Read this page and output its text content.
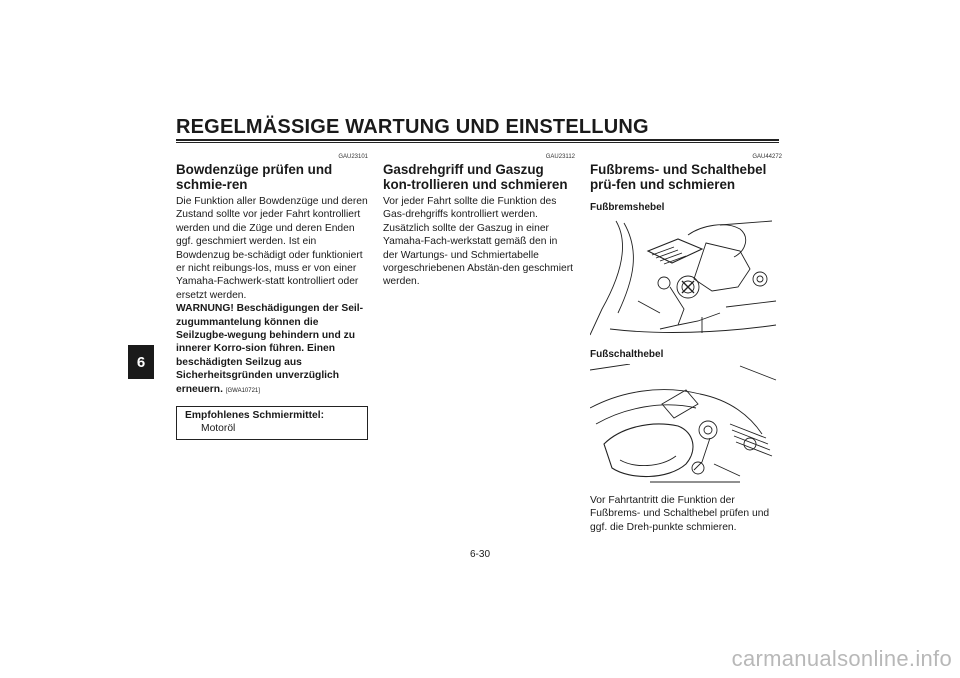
REGELMÄSSIGE WARTUNG UND EINSTELLUNG
6
GAU23101
Bowdenzüge prüfen und schmie-ren

Die Funktion aller Bowdenzüge und deren Zustand sollte vor jeder Fahrt kontrolliert werden und die Züge und deren Enden ggf. geschmiert werden. Ist ein Bowdenzug be-schädigt oder funktioniert er nicht reibungs-los, muss er von einer Yamaha-Fachwerk-statt kontrolliert oder ersetzt werden.

WARNUNG! Beschädigungen der Seil-zugummantelung können die Seilzugbe-wegung behindern und zu innerer Korro-sion führen. Einen beschädigten Seilzug aus Sicherheitsgründen unverzüglich erneuern. [GWA10721]

Empfohlenes Schmiermittel:
Motoröl
GAU23112
Gasdrehgriff und Gaszug kon-trollieren und schmieren
Vor jeder Fahrt sollte die Funktion des Gas-drehgriffs kontrolliert werden. Zusätzlich sollte der Gaszug in einer Yamaha-Fach-werkstatt gemäß den in der Wartungs- und Schmiertabelle vorgeschriebenen Abstän-den geschmiert werden.
GAU44272
Fußbrems- und Schalthebel prü-fen und schmieren
Fußbremshebel
Fußschalthebel
Vor Fahrtantritt die Funktion der Fußbrems- und Schalthebel prüfen und ggf. die Dreh-punkte schmieren.
6-30
carmanualsonline.info
